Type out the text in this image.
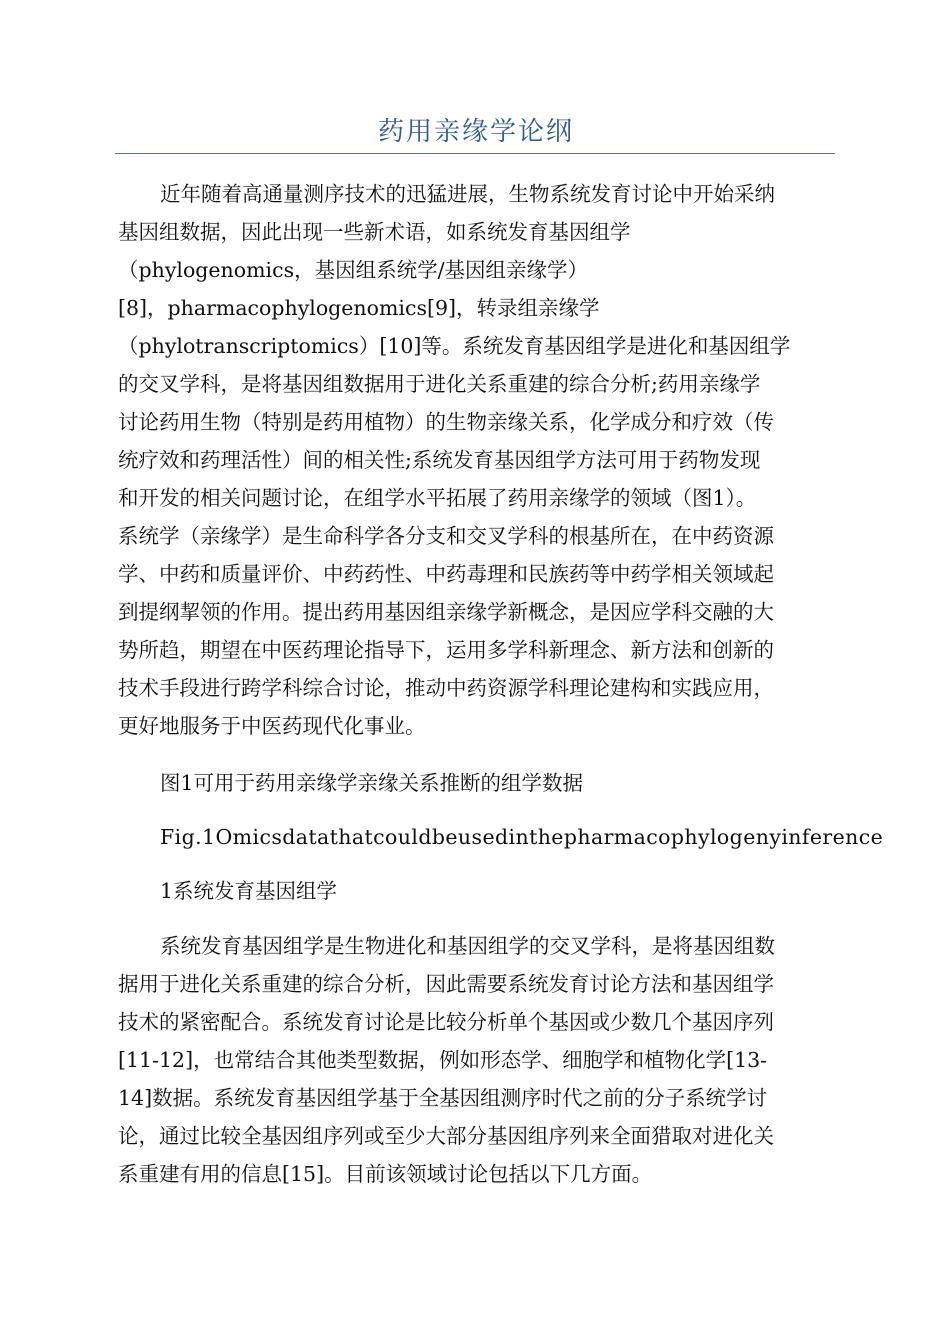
药用亲缘学论纲
近年随着高通量测序技术的迅猛进展，生物系统发育讨论中开始采纳
基因组数据，因此出现一些新术语，如系统发育基因组学
（phylogenomics，基因组系统学/基因组亲缘学）
[8]，pharmacophylogenomics[9]，转录组亲缘学
（phylotranscriptomics）[10]等。系统发育基因组学是进化和基因组学
的交叉学科，是将基因组数据用于进化关系重建的综合分析;药用亲缘学
讨论药用生物（特别是药用植物）的生物亲缘关系，化学成分和疗效（传
统疗效和药理活性）间的相关性;系统发育基因组学方法可用于药物发现
和开发的相关问题讨论，在组学水平拓展了药用亲缘学的领域（图1）。
系统学（亲缘学）是生命科学各分支和交叉学科的根基所在，在中药资源
学、中药和质量评价、中药药性、中药毒理和民族药等中药学相关领域起
到提纲挈领的作用。提出药用基因组亲缘学新概念，是因应学科交融的大
势所趋，期望在中医药理论指导下，运用多学科新理念、新方法和创新的
技术手段进行跨学科综合讨论，推动中药资源学科理论建构和实践应用，
更好地服务于中医药现代化事业。
图1可用于药用亲缘学亲缘关系推断的组学数据
Fig.1Omicsdatathatcouldbeusedinthepharmacophylogenyinference
1系统发育基因组学
系统发育基因组学是生物进化和基因组学的交叉学科，是将基因组数
据用于进化关系重建的综合分析，因此需要系统发育讨论方法和基因组学
技术的紧密配合。系统发育讨论是比较分析单个基因或少数几个基因序列
[11-12]，也常结合其他类型数据，例如形态学、细胞学和植物化学[13-
14]数据。系统发育基因组学基于全基因组测序时代之前的分子系统学讨
论，通过比较全基因组序列或至少大部分基因组序列来全面猎取对进化关
系重建有用的信息[15]。目前该领域讨论包括以下几方面。
